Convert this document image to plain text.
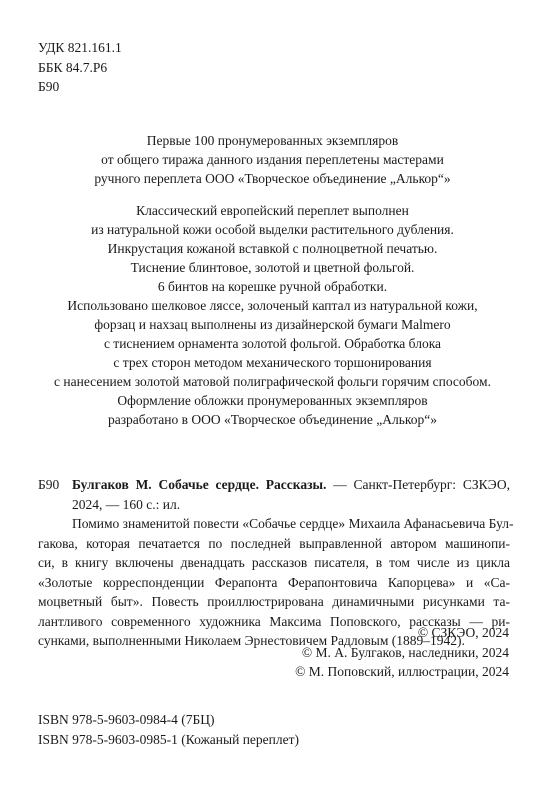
УДК 821.161.1
ББК 84.7.Р6
Б90
Первые 100 пронумерованных экземпляров
от общего тиража данного издания переплетены мастерами
ручного переплета ООО «Творческое объединение „Алькор“»
Классический европейский переплет выполнен
из натуральной кожи особой выделки растительного дубления.
Инкрустация кожаной вставкой с полноцветной печатью.
Тиснение блинтовое, золотой и цветной фольгой.
6 бинтов на корешке ручной обработки.
Использовано шелковое ляссе, золоченый каптал из натуральной кожи,
форзац и нахзац выполнены из дизайнерской бумаги Malmero
с тиснением орнамента золотой фольгой. Обработка блока
с трех сторон методом механического торшонирования
с нанесением золотой матовой полиграфической фольги горячим способом.
Оформление обложки пронумерованных экземпляров
разработано в ООО «Творческое объединение „Алькор“»
Б90 Булгаков М. Собачье сердце. Рассказы. — Санкт-Петербург: СЗКЭО,
2024, — 160 с.: ил.
Помимо знаменитой повести «Собачье сердце» Михаила Афанасьевича Бул-
гакова, которая печатается по последней выправленной автором машинопи-
си, в книгу включены двенадцать рассказов писателя, в том числе из цикла
«Золотые корреспонденции Ферапонта Ферапонтовича Капорцева» и «Са-
моцветный быт». Повесть проиллюстрирована динамичными рисунками та-
лантливого современного художника Максима Поповского, рассказы — ри-
сунками, выполненными Николаем Эрнестовичем Радловым (1889–1942).
© СЗКЭО, 2024
© М. А. Булгаков, наследники, 2024
© М. Поповский, иллюстрации, 2024
ISBN 978-5-9603-0984-4 (7БЦ)
ISBN 978-5-9603-0985-1 (Кожаный переплет)
